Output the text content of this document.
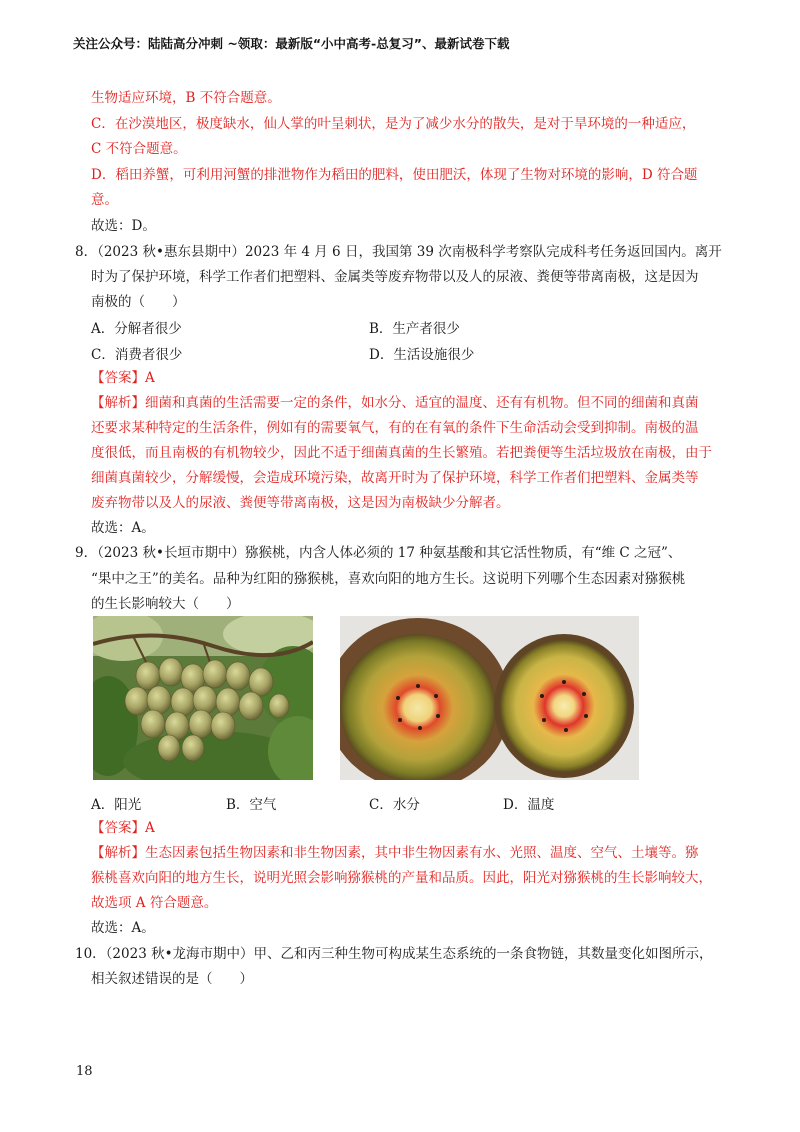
关注公众号：陆陆高分冲刺 ~领取：最新版“小中高考-总复习”、最新试卷下载
生物适应环境，B 不符合题意。
C．在沙漠地区，极度缺水，仙人掌的叶呈刺状，是为了减少水分的散失，是对于旱环境的一种适应，
C 不符合题意。
D．稻田养蟹，可利用河蟹的排泄物作为稻田的肥料，使田肥沃，体现了生物对环境的影响，D 符合题
意。
故选：D。
8．（2023 秋•惠东县期中）2023 年 4 月 6 日，我国第 39 次南极科学考察队完成科考任务返回国内。离开
时为了保护环境，科学工作者们把塑料、金属类等废弃物带以及人的尿液、粪便等带离南极，这是因为
南极的（　　）
A．分解者很少	B．生产者很少
C．消费者很少	D．生活设施很少
【答案】A
【解析】细菌和真菌的生活需要一定的条件，如水分、适宜的温度、还有有机物。但不同的细菌和真菌
还要求某种特定的生活条件，例如有的需要氧气，有的在有氧的条件下生命活动会受到抑制。南极的温
度很低，而且南极的有机物较少，因此不适于细菌真菌的生长繁殖。若把粪便等生活垃圾放在南极，由于
细菌真菌较少，分解缓慢，会造成环境污染，故离开时为了保护环境，科学工作者们把塑料、金属类等
废弃物带以及人的尿液、粪便等带离南极，这是因为南极缺少分解者。
故选：A。
9．（2023 秋•长垣市期中）猕猴桃，内含人体必须的 17 种氨基酸和其它活性物质，有“维 C 之冠”、
“果中之王”的美名。品种为红阳的猕猴桃，喜欢向阳的地方生长。这说明下列哪个生态因素对猕猴桃
的生长影响较大（　　）
A．阳光	B．空气	C．水分	D．温度
【答案】A
【解析】生态因素包括生物因素和非生物因素，其中非生物因素有水、光照、温度、空气、土壤等。猕
猴桃喜欢向阳的地方生长，说明光照会影响猕猴桃的产量和品质。因此，阳光对猕猴桃的生长影响较大，
故选项 A 符合题意。
故选：A。
10．（2023 秋•龙海市期中）甲、乙和丙三种生物可构成某生态系统的一条食物链，其数量变化如图所示，
相关叙述错误的是（　　）
18
